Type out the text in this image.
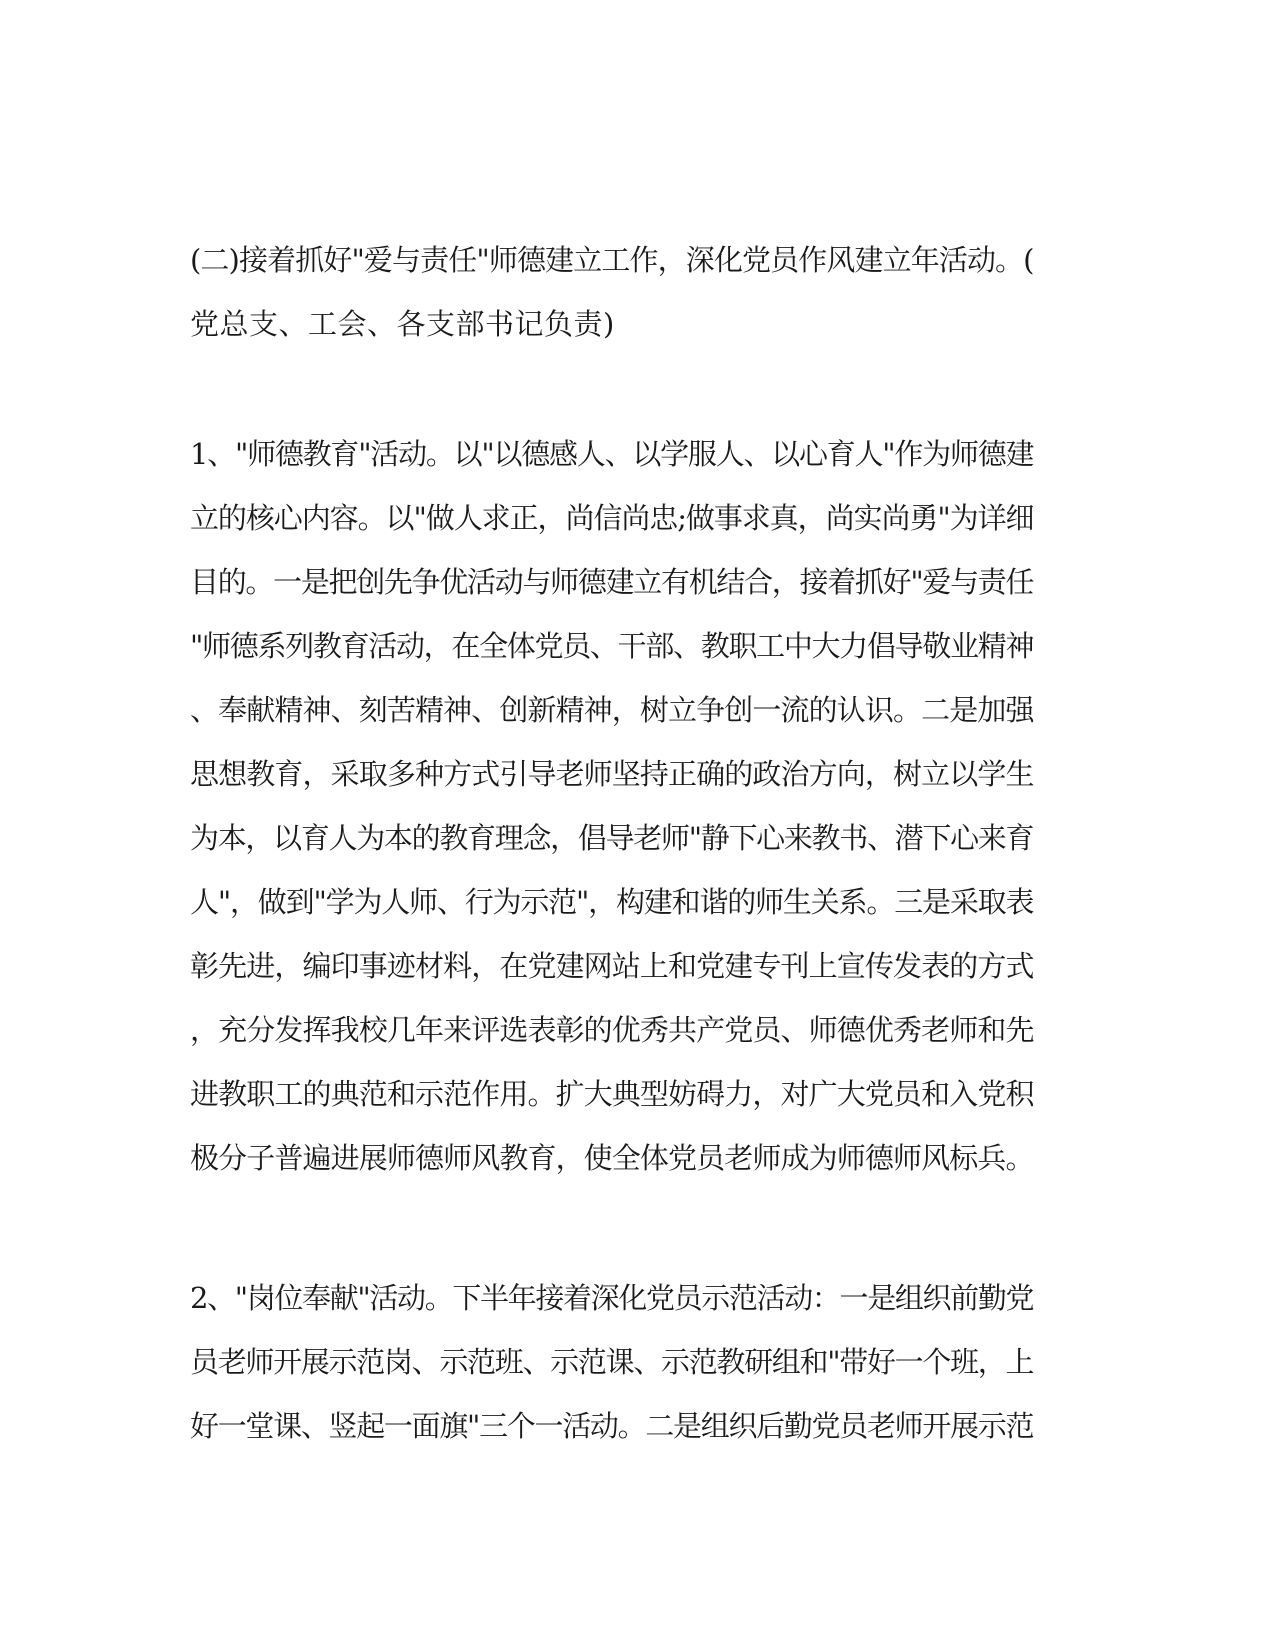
(二)接着抓好"爱与责任"师德建立工作，深化党员作风建立年活动。(
党总支、工会、各支部书记负责)
1、"师德教育"活动。以"以德感人、以学服人、以心育人"作为师德建
立的核心内容。以"做人求正，尚信尚忠;做事求真，尚实尚勇"为详细
目的。一是把创先争优活动与师德建立有机结合，接着抓好"爱与责任
"师德系列教育活动，在全体党员、干部、教职工中大力倡导敬业精神
、奉献精神、刻苦精神、创新精神，树立争创一流的认识。二是加强
思想教育，采取多种方式引导老师坚持正确的政治方向，树立以学生
为本，以育人为本的教育理念，倡导老师"静下心来教书、潜下心来育
人"，做到"学为人师、行为示范"，构建和谐的师生关系。三是采取表
彰先进，编印事迹材料，在党建网站上和党建专刊上宣传发表的方式
，充分发挥我校几年来评选表彰的优秀共产党员、师德优秀老师和先
进教职工的典范和示范作用。扩大典型妨碍力，对广大党员和入党积
极分子普遍进展师德师风教育，使全体党员老师成为师德师风标兵。
2、"岗位奉献"活动。下半年接着深化党员示范活动：一是组织前勤党
员老师开展示范岗、示范班、示范课、示范教研组和"带好一个班，上
好一堂课、竖起一面旗"三个一活动。二是组织后勤党员老师开展示范
